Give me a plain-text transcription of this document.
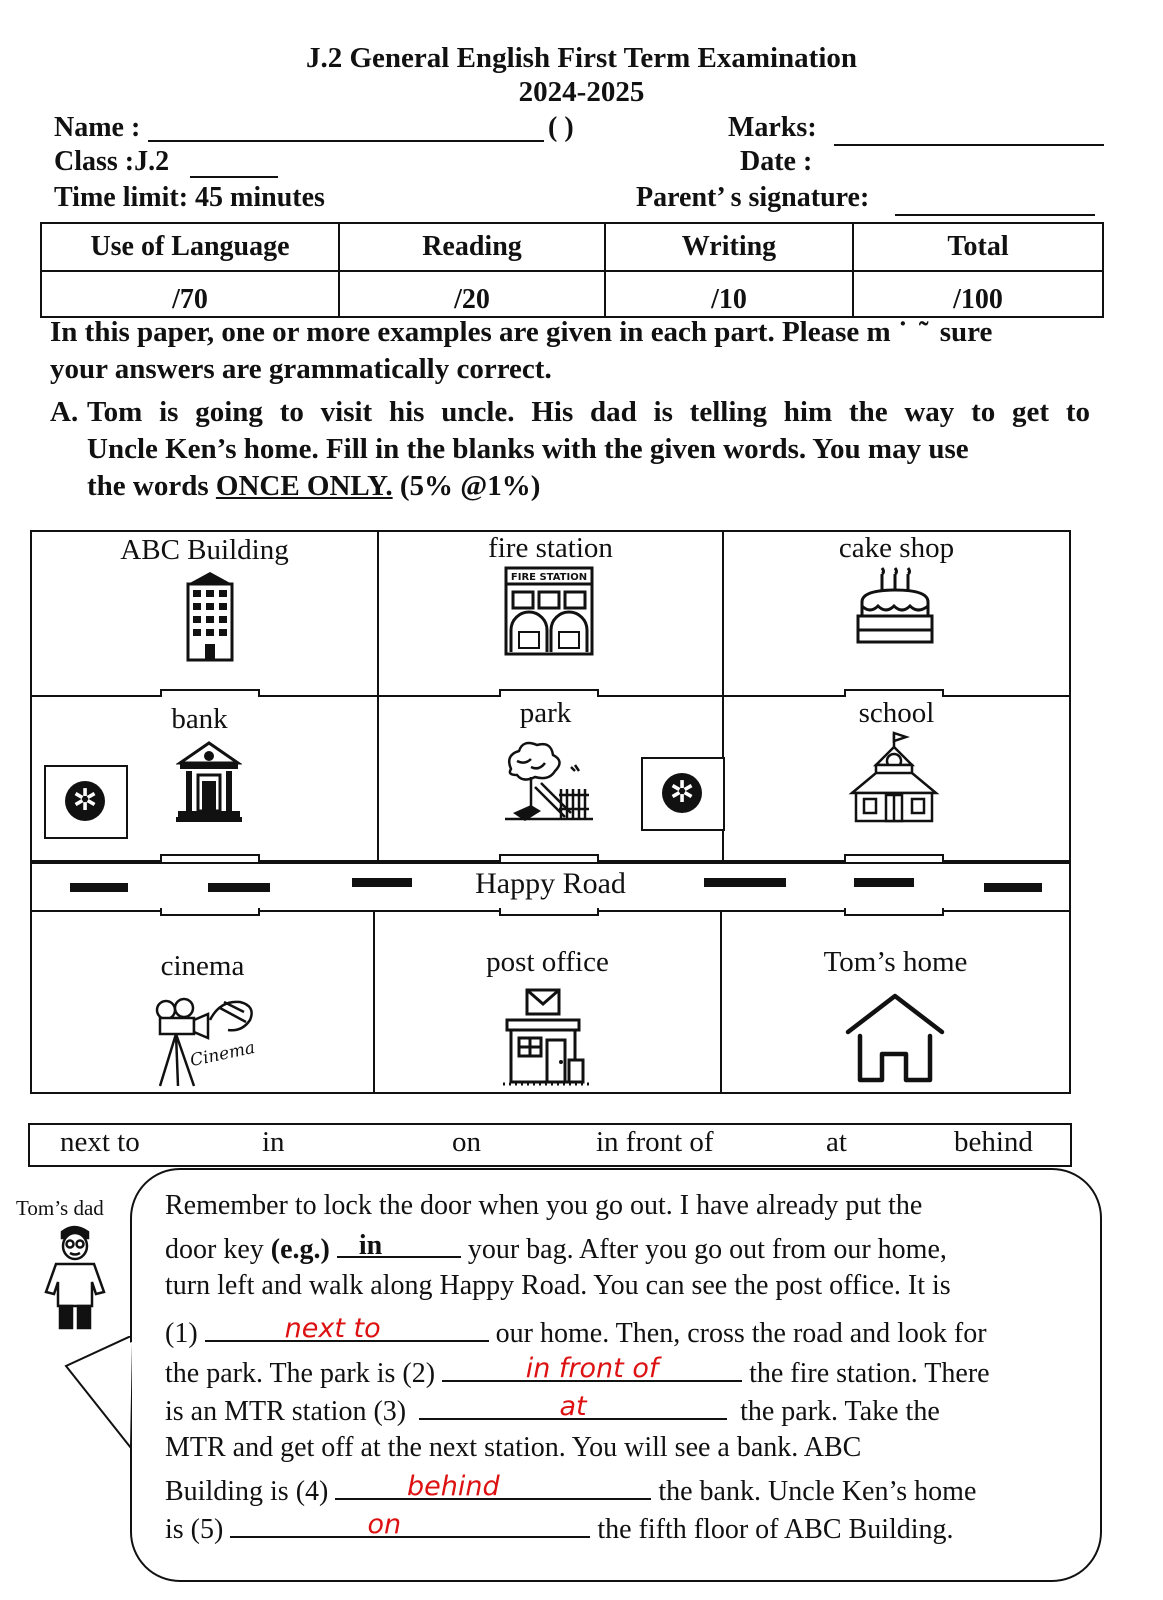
J.2 General English First Term Examination
2024-2025
Name :	( )	Marks:
Class :J.2	Date :
Time limit: 45 minutes	Parent’ s signature:
Use of Language	Reading	Writing	Total
/70	/20	/10	/100
In this paper, one or more examples are given in each part. Please m ˙ ˜ sure
your answers are grammatically correct.
A. Tom is going to visit his uncle. His dad is telling him the way to get to
Uncle Ken’s home. Fill in the blanks with the given words. You may use
the words ONCE ONLY. (5% @1%)
ABC Building	fire station
FIRE STATION
cake shop
bank
✲
park
✲
school
Happy Road
cinema
Cinema
post office	Tom’s home
next to	in	on	in front of	at	behind
Tom’s dad Remember to lock the door when you go out. I have already put the
door key (e.g.) in	your bag. After you go out from our home,
turn left and walk along Happy Road. You can see the post office. It is
(1)	next to	our home. Then, cross the road and look for
the park. The park is (2)	in front of	the fire station. There
is an MTR station (3)	at	the park. Take the
MTR and get off at the next station. You will see a bank. ABC
Building is (4)	behind	the bank. Uncle Ken’s home
is (5)	on	the fifth floor of ABC Building.
